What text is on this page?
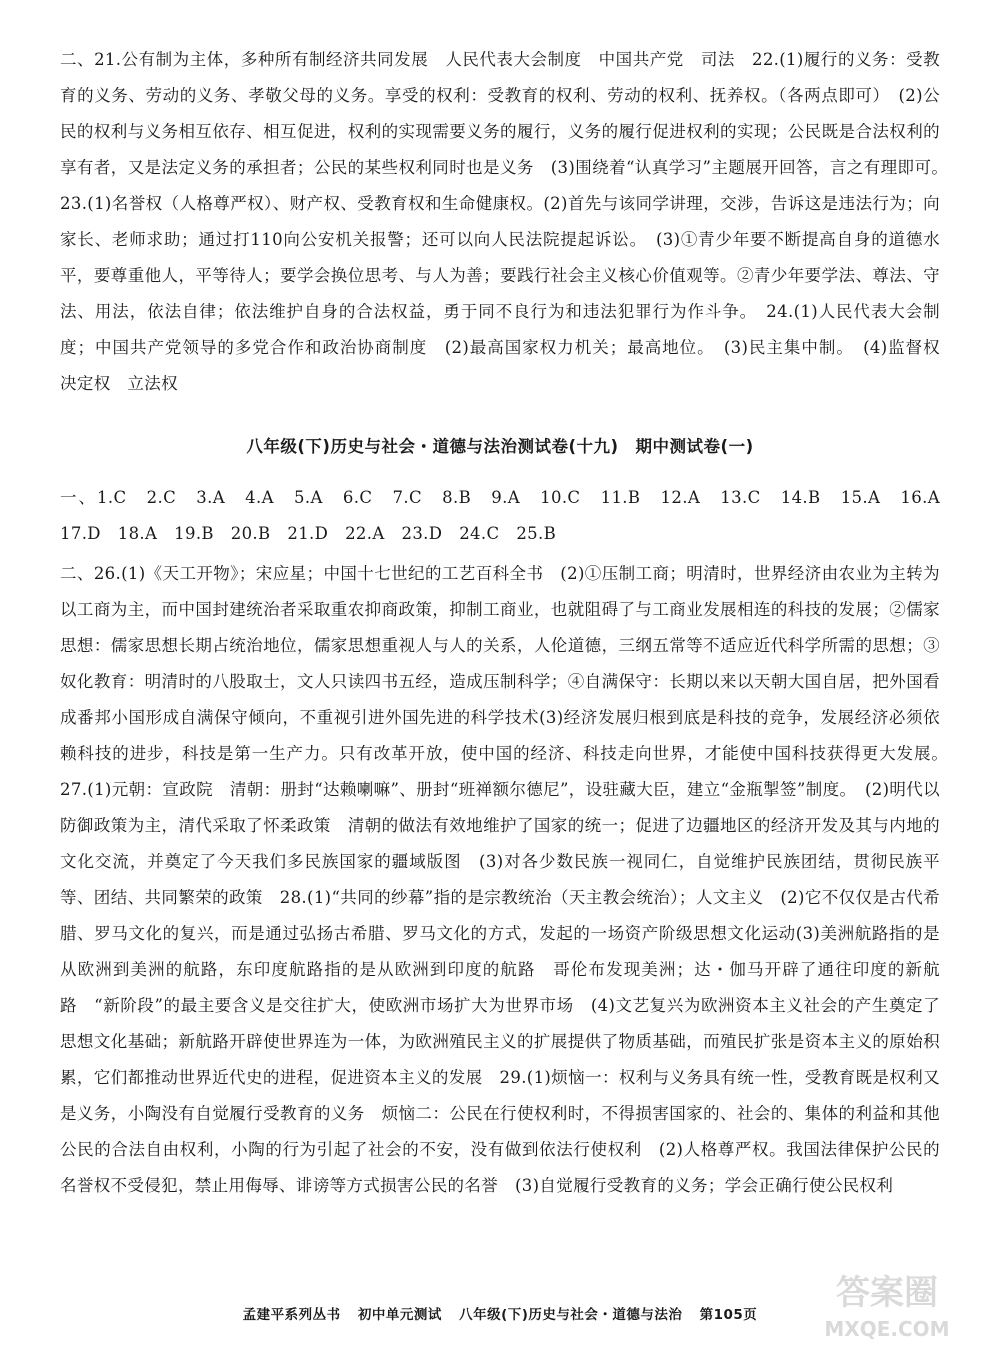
二、21.公有制为主体，多种所有制经济共同发展　人民代表大会制度　中国共产党　司法　22.(1)履行的义务：受教育的义务、劳动的义务、孝敬父母的义务。享受的权利：受教育的权利、劳动的权利、抚养权。（各两点即可）　(2)公民的权利与义务相互依存、相互促进，权利的实现需要义务的履行，义务的履行促进权利的实现；公民既是合法权利的享有者，又是法定义务的承担者；公民的某些权利同时也是义务　(3)围绕着“认真学习”主题展开回答，言之有理即可。　23.(1)名誉权（人格尊严权）、财产权、受教育权和生命健康权。(2)首先与该同学讲理，交涉，告诉这是违法行为；向家长、老师求助；通过打110向公安机关报警；还可以向人民法院提起诉讼。　(3)①青少年要不断提高自身的道德水平，要尊重他人，平等待人；要学会换位思考、与人为善；要践行社会主义核心价值观等。②青少年要学法、尊法、守法、用法，依法自律；依法维护自身的合法权益，勇于同不良行为和违法犯罪行为作斗争。　24.(1)人民代表大会制度；中国共产党领导的多党合作和政治协商制度　(2)最高国家权力机关；最高地位。　(3)民主集中制。　(4)监督权　决定权　立法权
八年级(下)历史与社会・道德与法治测试卷(十九)　期中测试卷(一)
一、1.C　2.C　3.A　4.A　5.A　6.C　7.C　8.B　9.A　10.C　11.B　12.A　13.C　14.B　15.A　16.A　17.D　18.A　19.B　20.B　21.D　22.A　23.D　24.C　25.B
二、26.(1)《天工开物》；宋应星；中国十七世纪的工艺百科全书　(2)①压制工商；明清时，世界经济由农业为主转为以工商为主，而中国封建统治者采取重农抑商政策，抑制工商业，也就阻碍了与工商业发展相连的科技的发展；②儒家思想：儒家思想长期占统治地位，儒家思想重视人与人的关系，人伦道德，三纲五常等不适应近代科学所需的思想；③奴化教育：明清时的八股取士，文人只读四书五经，造成压制科学；④自满保守：长期以来以天朝大国自居，把外国看成番邦小国形成自满保守倾向，不重视引进外国先进的科学技术(3)经济发展归根到底是科技的竞争，发展经济必须依赖科技的进步，科技是第一生产力。只有改革开放，使中国的经济、科技走向世界，才能使中国科技获得更大发展。　27.(1)元朝：宣政院　清朝：册封“达赖喇嘛”、册封“班禅额尔德尼”，设驻藏大臣，建立“金瓶掣签”制度。　(2)明代以防御政策为主，清代采取了怀柔政策　清朝的做法有效地维护了国家的统一；促进了边疆地区的经济开发及其与内地的文化交流，并奠定了今天我们多民族国家的疆域版图　(3)对各少数民族一视同仁，自觉维护民族团结，贯彻民族平等、团结、共同繁荣的政策　28.(1)“共同的纱幕”指的是宗教统治（天主教会统治）；人文主义　(2)它不仅仅是古代希腊、罗马文化的复兴，而是通过弘扬古希腊、罗马文化的方式，发起的一场资产阶级思想文化运动(3)美洲航路指的是从欧洲到美洲的航路，东印度航路指的是从欧洲到印度的航路　哥伦布发现美洲；达・伽马开辟了通往印度的新航路　“新阶段”的最主要含义是交往扩大，使欧洲市场扩大为世界市场　(4)文艺复兴为欧洲资本主义社会的产生奠定了思想文化基础；新航路开辟使世界连为一体，为欧洲殖民主义的扩展提供了物质基础，而殖民扩张是资本主义的原始积累，它们都推动世界近代史的进程，促进资本主义的发展　29.(1)烦恼一：权利与义务具有统一性，受教育既是权利又是义务，小陶没有自觉履行受教育的义务　烦恼二：公民在行使权利时，不得损害国家的、社会的、集体的利益和其他公民的合法自由权利，小陶的行为引起了社会的不安，没有做到依法行使权利　(2)人格尊严权。我国法律保护公民的名誉权不受侵犯，禁止用侮辱、诽谤等方式损害公民的名誉　(3)自觉履行受教育的义务；学会正确行使公民权利
孟建平系列丛书 初中单元测试 八年级(下)历史与社会・道德与法治 第105页
答案圈
MXQE.COM
